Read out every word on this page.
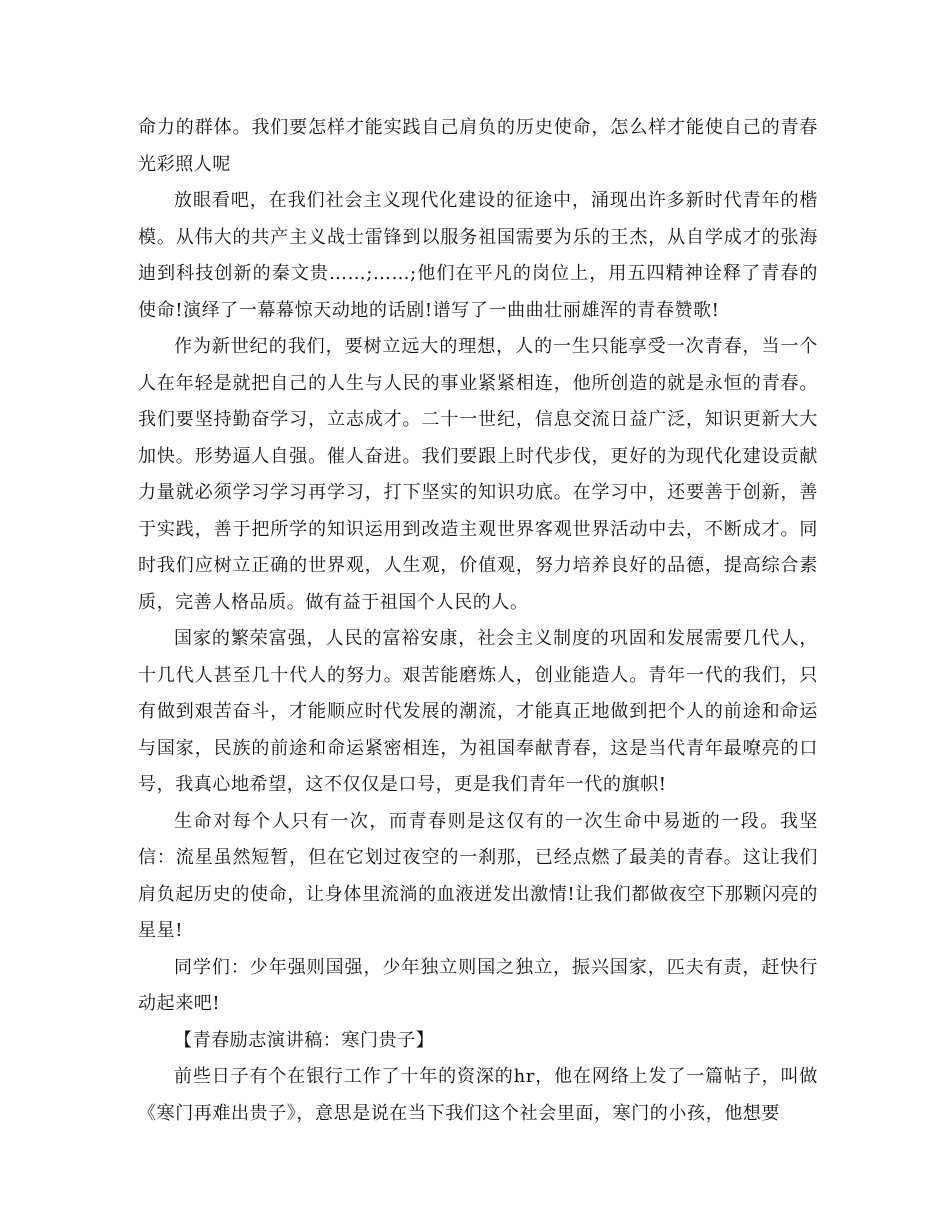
命力的群体。我们要怎样才能实践自己肩负的历史使命，怎么样才能使自己的青春光彩照人呢

放眼看吧，在我们社会主义现代化建设的征途中，涌现出许多新时代青年的楷模。从伟大的共产主义战士雷锋到以服务祖国需要为乐的王杰，从自学成才的张海迪到科技创新的秦文贵……;……;他们在平凡的岗位上，用五四精神诠释了青春的使命!演绎了一幕幕惊天动地的话剧!谱写了一曲曲壮丽雄浑的青春赞歌!

作为新世纪的我们，要树立远大的理想，人的一生只能享受一次青春，当一个人在年轻是就把自己的人生与人民的事业紧紧相连，他所创造的就是永恒的青春。我们要坚持勤奋学习，立志成才。二十一世纪，信息交流日益广泛，知识更新大大加快。形势逼人自强。催人奋进。我们要跟上时代步伐，更好的为现代化建设贡献力量就必须学习学习再学习，打下坚实的知识功底。在学习中，还要善于创新，善于实践，善于把所学的知识运用到改造主观世界客观世界活动中去，不断成才。同时我们应树立正确的世界观，人生观，价值观，努力培养良好的品德，提高综合素质，完善人格品质。做有益于祖国个人民的人。

国家的繁荣富强，人民的富裕安康，社会主义制度的巩固和发展需要几代人，十几代人甚至几十代人的努力。艰苦能磨炼人，创业能造人。青年一代的我们，只有做到艰苦奋斗，才能顺应时代发展的潮流，才能真正地做到把个人的前途和命运与国家，民族的前途和命运紧密相连，为祖国奉献青春，这是当代青年最嘹亮的口号，我真心地希望，这不仅仅是口号，更是我们青年一代的旗帜!

生命对每个人只有一次，而青春则是这仅有的一次生命中易逝的一段。我坚信：流星虽然短暂，但在它划过夜空的一刹那，已经点燃了最美的青春。这让我们肩负起历史的使命，让身体里流淌的血液迸发出激情!让我们都做夜空下那颗闪亮的星星!

同学们：少年强则国强，少年独立则国之独立，振兴国家，匹夫有责，赶快行动起来吧!

【青春励志演讲稿：寒门贵子】

前些日子有个在银行工作了十年的资深的hr，他在网络上发了一篇帖子，叫做《寒门再难出贵子》，意思是说在当下我们这个社会里面，寒门的小孩，他想要
